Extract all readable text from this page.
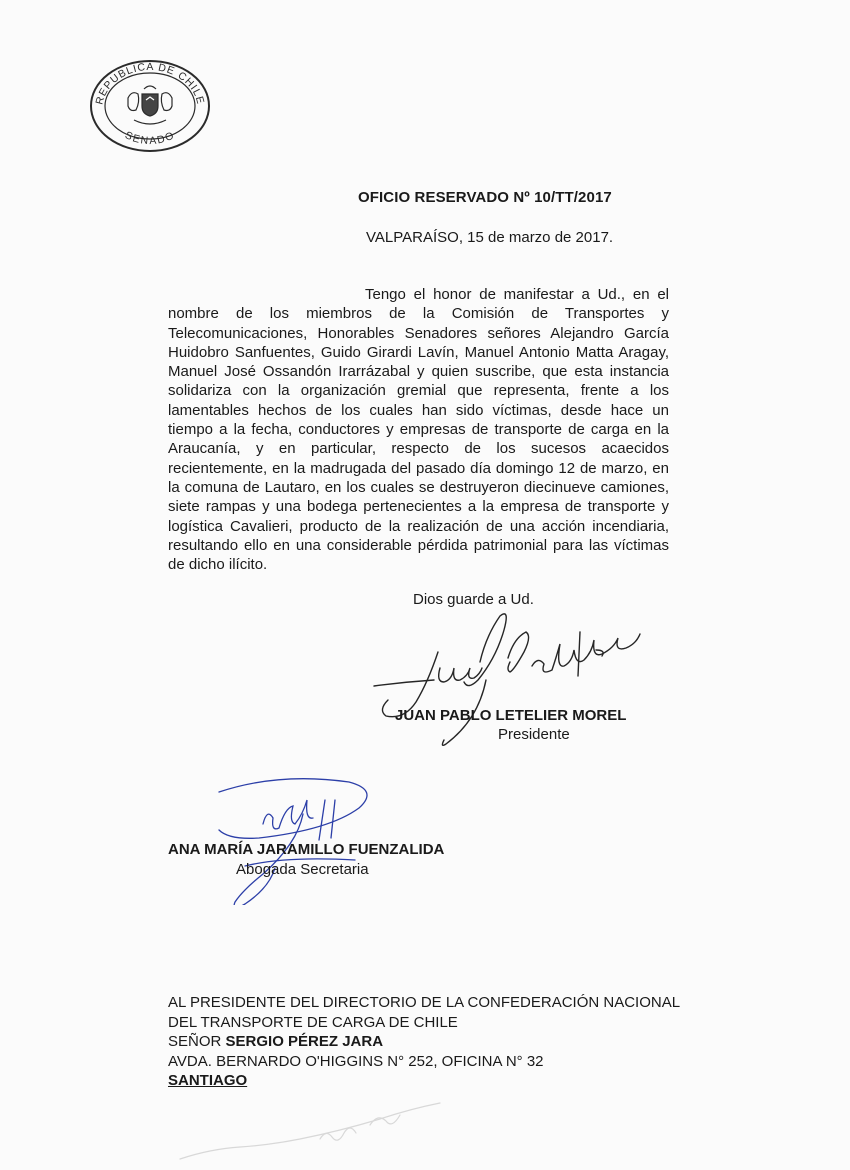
REPUBLICA DE CHILE
SENADO
OFICIO RESERVADO Nº 10/TT/2017
VALPARAÍSO, 15 de marzo de 2017.

Tengo el honor de manifestar a Ud., en el nombre de los miembros de la Comisión de Transportes y Telecomunicaciones, Honorables Senadores señores Alejandro García Huidobro Sanfuentes, Guido Girardi Lavín, Manuel Antonio Matta Aragay, Manuel José Ossandón Irarrázabal y quien suscribe, que esta instancia solidariza con la organización gremial que representa, frente a los lamentables hechos de los cuales han sido víctimas, desde hace un tiempo a la fecha, conductores y empresas de transporte de carga en la Araucanía, y en particular, respecto de los sucesos acaecidos recientemente, en la madrugada del pasado día domingo 12 de marzo, en la comuna de Lautaro, en los cuales se destruyeron diecinueve camiones, siete rampas y una bodega pertenecientes a la empresa de transporte y logística Cavalieri, producto de la realización de una acción incendiaria, resultando ello en una considerable pérdida patrimonial para las víctimas de dicho ilícito.

Dios guarde a Ud.
JUAN PABLO LETELIER MOREL
Presidente
ANA MARÍA JARAMILLO FUENZALIDA
Abogada Secretaria
AL PRESIDENTE DEL DIRECTORIO DE LA CONFEDERACIÓN NACIONAL
DEL TRANSPORTE DE CARGA DE CHILE
SEÑOR SERGIO PÉREZ JARA
AVDA. BERNARDO O'HIGGINS N° 252, OFICINA N° 32
SANTIAGO
